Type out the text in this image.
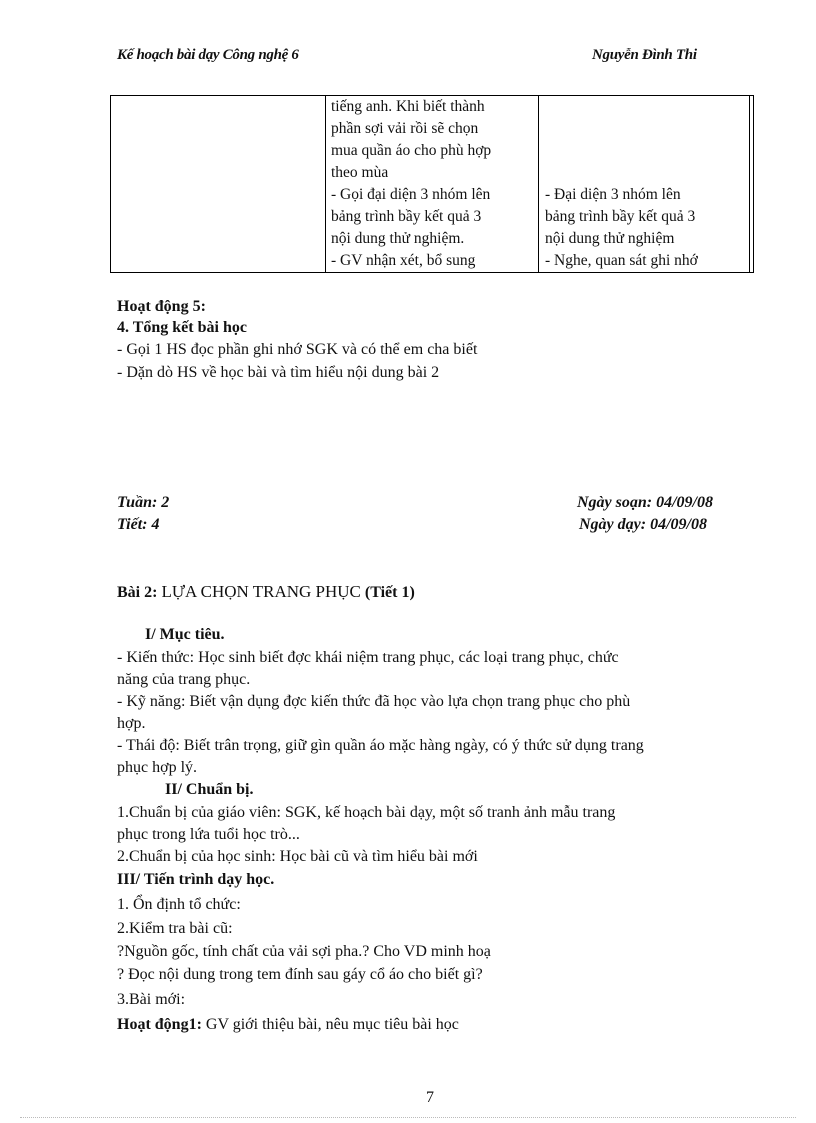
Kế hoạch bài dạy Công nghệ 6	Nguyễn Đình Thi
tiếng anh. Khi biết thành
phần sợi vải rồi sẽ chọn
mua quần áo cho phù hợp
theo mùa
- Gọi đại diện 3 nhóm lên
bảng trình bầy kết quả 3
nội dung thử nghiệm.
- GV nhận xét, bổ sung
- Đại diện 3 nhóm lên
bảng trình bầy kết quả 3
nội dung thử nghiệm
- Nghe, quan sát ghi nhớ
Hoạt động 5:
4. Tổng kết bài học
- Gọi 1 HS đọc phần ghi nhớ SGK và có thể em cha biết
- Dặn dò HS về học bài và tìm hiểu nội dung bài 2
Tuần: 2
Tiết: 4
Ngày soạn: 04/09/08
Ngày dạy: 04/09/08
Bài 2: LỰA CHỌN TRANG PHỤC (Tiết 1)
I/ Mục tiêu.
- Kiến thức: Học sinh biết đợc khái niệm trang phục, các loại trang phục, chức
năng của trang phục.
- Kỹ năng: Biết vận dụng đợc kiến thức đã học vào lựa chọn trang phục cho phù
hợp.
- Thái độ: Biết trân trọng, giữ gìn quần áo mặc hàng ngày, có ý thức sử dụng trang
phục hợp lý.
II/ Chuẩn bị.
1.Chuẩn bị của giáo viên: SGK, kế hoạch bài dạy, một số tranh ảnh mẫu trang
phục trong lứa tuổi học trò...
2.Chuẩn bị của học sinh: Học bài cũ và tìm hiểu bài mới
III/ Tiến trình dạy học.
1. Ổn định tổ chức:
2.Kiểm tra bài cũ:
?Nguồn gốc, tính chất của vải sợi pha.? Cho VD minh hoạ
? Đọc nội dung trong tem đính sau gáy cổ áo cho biết gì?
3.Bài mới:
Hoạt động1: GV giới thiệu bài, nêu mục tiêu bài học
7
